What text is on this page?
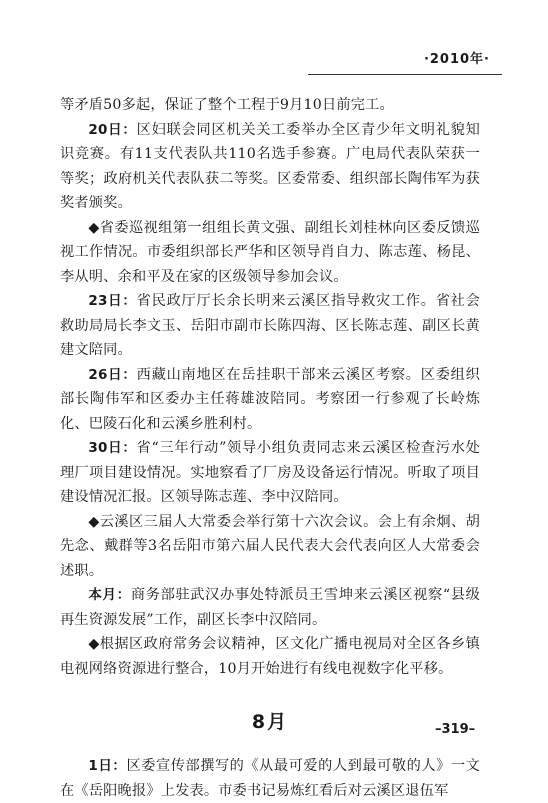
·2010年·

等矛盾50多起，保证了整个工程于9月10日前完工。

20日：区妇联会同区机关关工委举办全区青少年文明礼貌知识竞赛。有11支代表队共110名选手参赛。广电局代表队荣获一等奖；政府机关代表队获二等奖。区委常委、组织部长陶伟军为获奖者颁奖。

◆省委巡视组第一组组长黄文强、副组长刘桂林向区委反馈巡视工作情况。市委组织部长严华和区领导肖自力、陈志莲、杨昆、李从明、余和平及在家的区级领导参加会议。

23日：省民政厅厅长余长明来云溪区指导救灾工作。省社会救助局局长李文玉、岳阳市副市长陈四海、区长陈志莲、副区长黄建文陪同。

26日：西藏山南地区在岳挂职干部来云溪区考察。区委组织部长陶伟军和区委办主任蒋雄波陪同。考察团一行参观了长岭炼化、巴陵石化和云溪乡胜利村。

30日：省“三年行动”领导小组负责同志来云溪区检查污水处理厂项目建设情况。实地察看了厂房及设备运行情况。听取了项目建设情况汇报。区领导陈志莲、李中汉陪同。

◆云溪区三届人大常委会举行第十六次会议。会上有余炯、胡先念、戴群等3名岳阳市第六届人民代表大会代表向区人大常委会述职。

本月：商务部驻武汉办事处特派员王雪坤来云溪区视察“县级再生资源发展”工作，副区长李中汉陪同。

◆根据区政府常务会议精神，区文化广播电视局对全区各乡镇电视网络资源进行整合，10月开始进行有线电视数字化平移。

8月

1日：区委宣传部撰写的《从最可爱的人到最可敬的人》一文在《岳阳晚报》上发表。市委书记易炼红看后对云溪区退伍军

–319–
